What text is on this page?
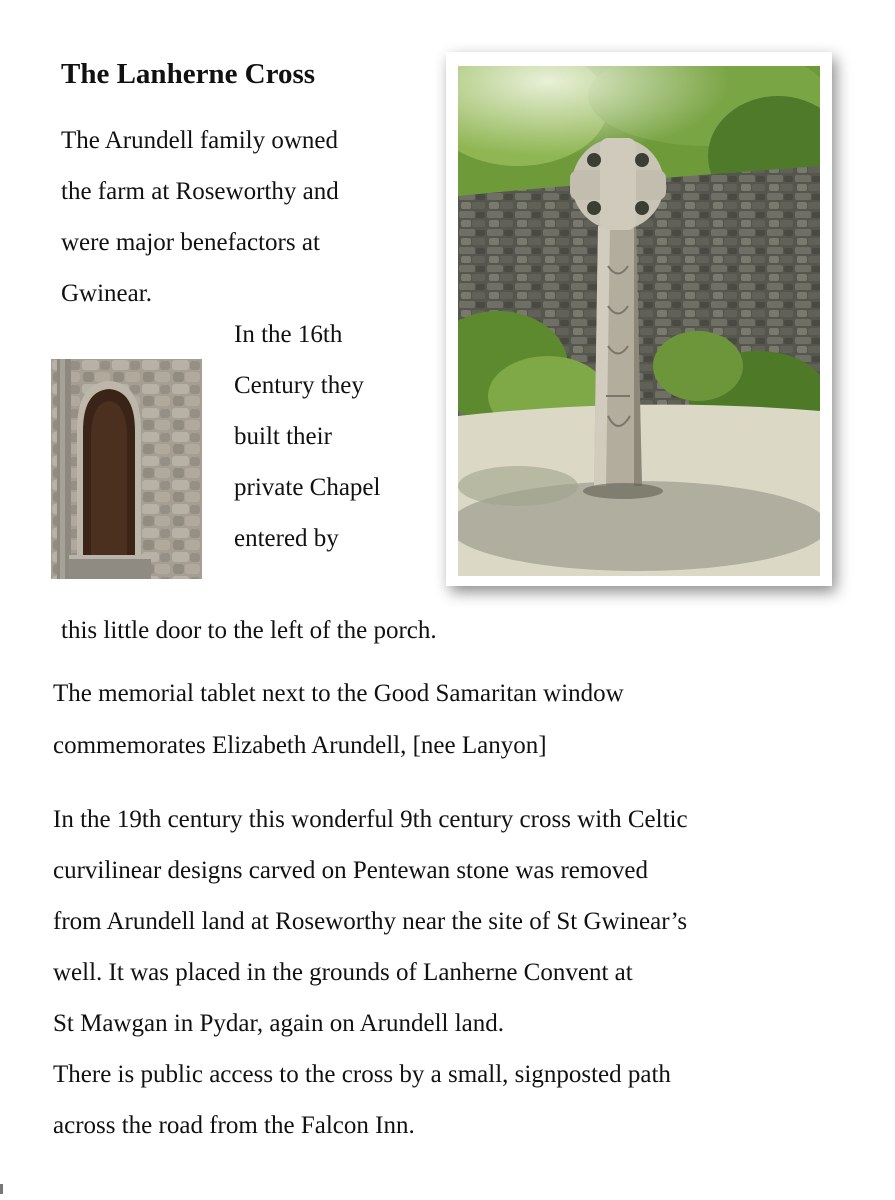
The Lanherne Cross
The Arundell family owned
the farm at Roseworthy and
were major benefactors at
Gwinear.
In the 16th
Century they
built their
private Chapel
entered by
this little door to the left of the porch.
The memorial tablet next to the Good Samaritan window
commemorates Elizabeth Arundell, [nee Lanyon]
In the 19th century this wonderful 9th century cross with Celtic
curvilinear designs carved on Pentewan stone was removed
from Arundell land at Roseworthy near the site of St Gwinear’s
well. It was placed in the grounds of Lanherne Convent at
St Mawgan in Pydar, again on Arundell land.
There is public access to the cross by a small, signposted path
across the road from the Falcon Inn.
